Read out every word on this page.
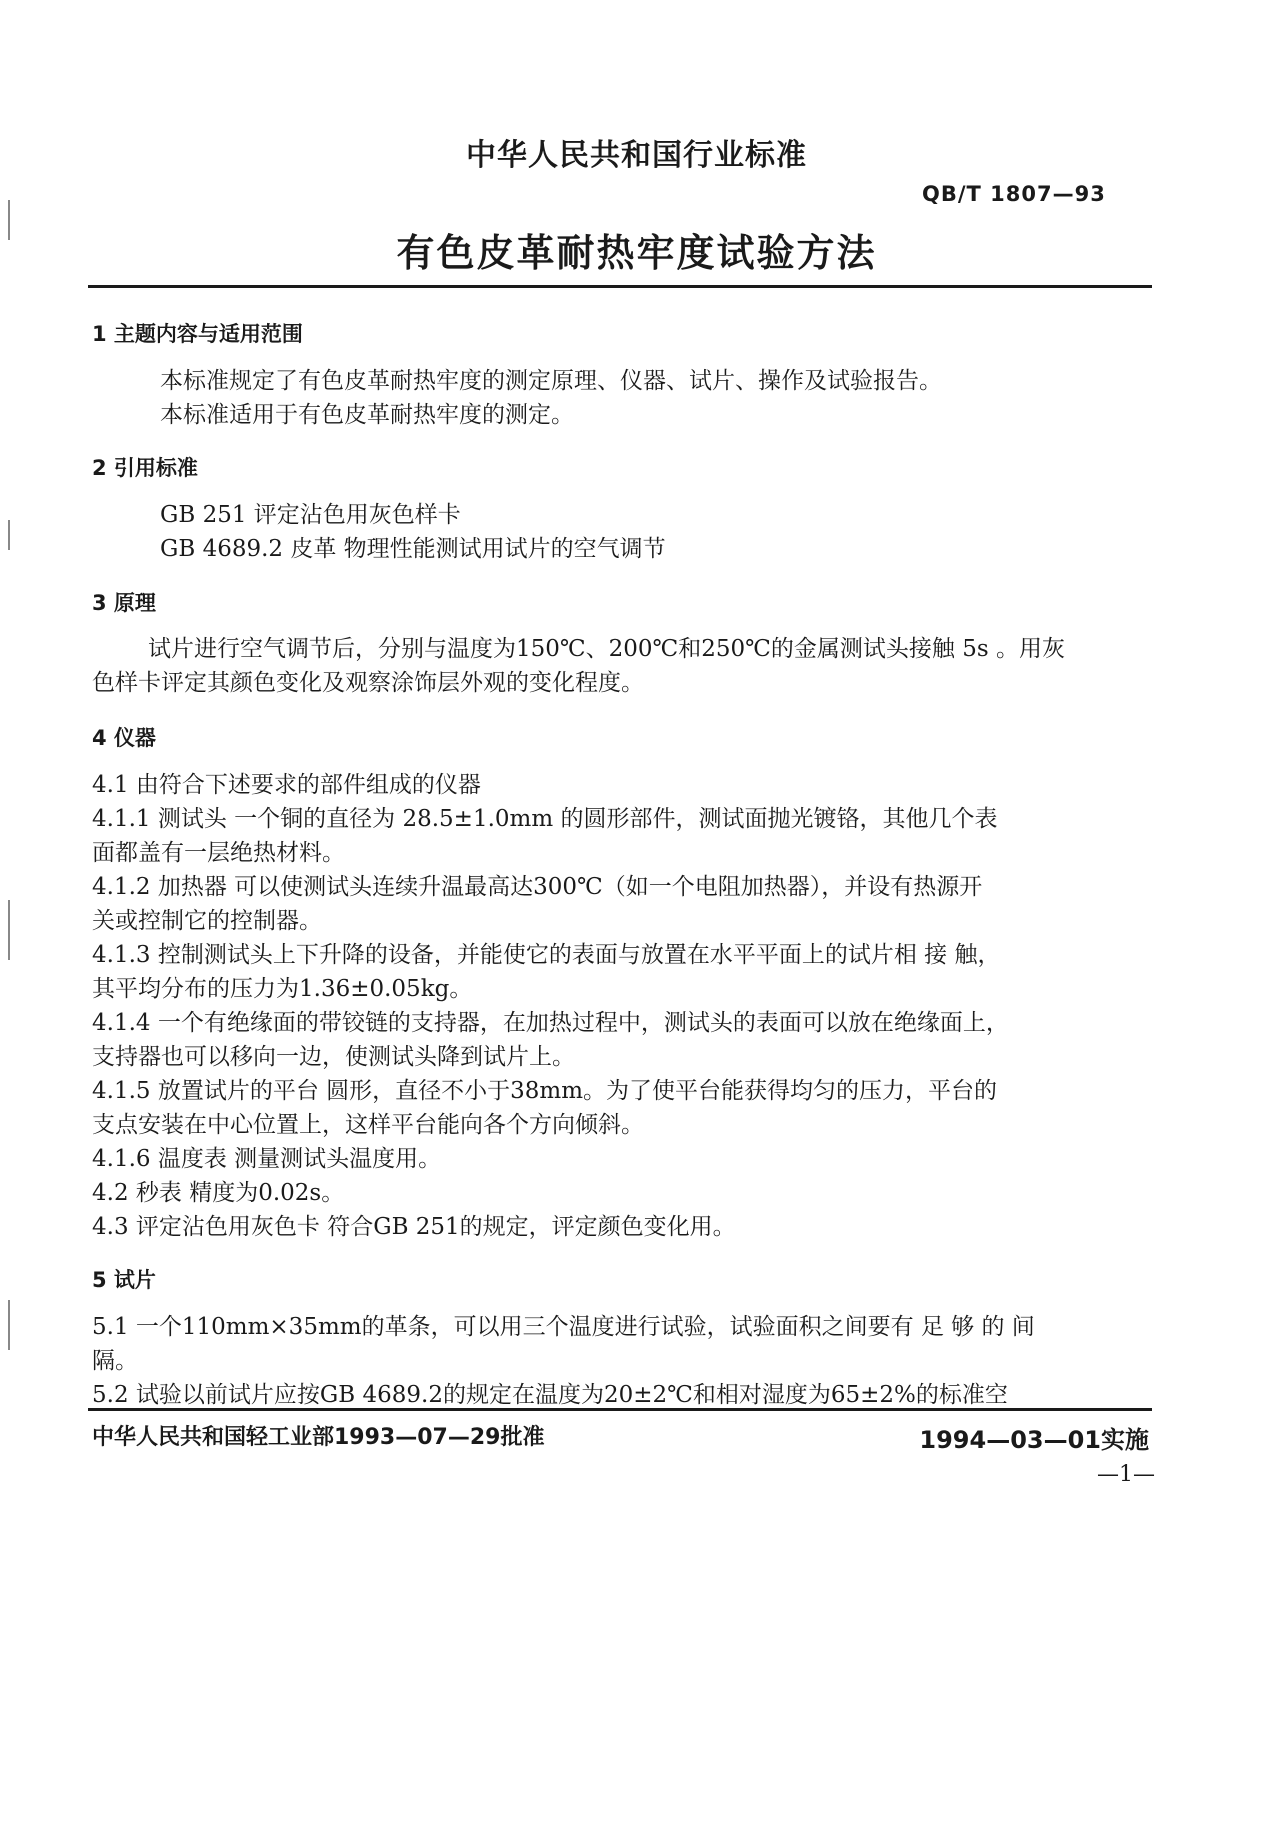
中华人民共和国行业标准
QB/T 1807—93
有色皮革耐热牢度试验方法
1 主题内容与适用范围
本标准规定了有色皮革耐热牢度的测定原理、仪器、试片、操作及试验报告。
本标准适用于有色皮革耐热牢度的测定。
2 引用标准
GB 251 评定沾色用灰色样卡
GB 4689.2 皮革 物理性能测试用试片的空气调节
3 原理
试片进行空气调节后，分别与温度为150℃、200℃和250℃的金属测试头接触 5s 。用灰
色样卡评定其颜色变化及观察涂饰层外观的变化程度。
4 仪器
4.1 由符合下述要求的部件组成的仪器
4.1.1 测试头 一个铜的直径为 28.5±1.0mm 的圆形部件，测试面抛光镀铬，其他几个表
面都盖有一层绝热材料。
4.1.2 加热器 可以使测试头连续升温最高达300℃（如一个电阻加热器），并设有热源开
关或控制它的控制器。
4.1.3 控制测试头上下升降的设备，并能使它的表面与放置在水平平面上的试片相 接 触，
其平均分布的压力为1.36±0.05kg。
4.1.4 一个有绝缘面的带铰链的支持器，在加热过程中，测试头的表面可以放在绝缘面上，
支持器也可以移向一边，使测试头降到试片上。
4.1.5 放置试片的平台 圆形，直径不小于38mm。为了使平台能获得均匀的压力，平台的
支点安装在中心位置上，这样平台能向各个方向倾斜。
4.1.6 温度表 测量测试头温度用。
4.2 秒表 精度为0.02s。
4.3 评定沾色用灰色卡 符合GB 251的规定，评定颜色变化用。
5 试片
5.1 一个110mm×35mm的革条，可以用三个温度进行试验，试验面积之间要有 足 够 的 间
隔。
5.2 试验以前试片应按GB 4689.2的规定在温度为20±2℃和相对湿度为65±2%的标准空
中华人民共和国轻工业部1993—07—29批准	1994—03—01实施
—1—
